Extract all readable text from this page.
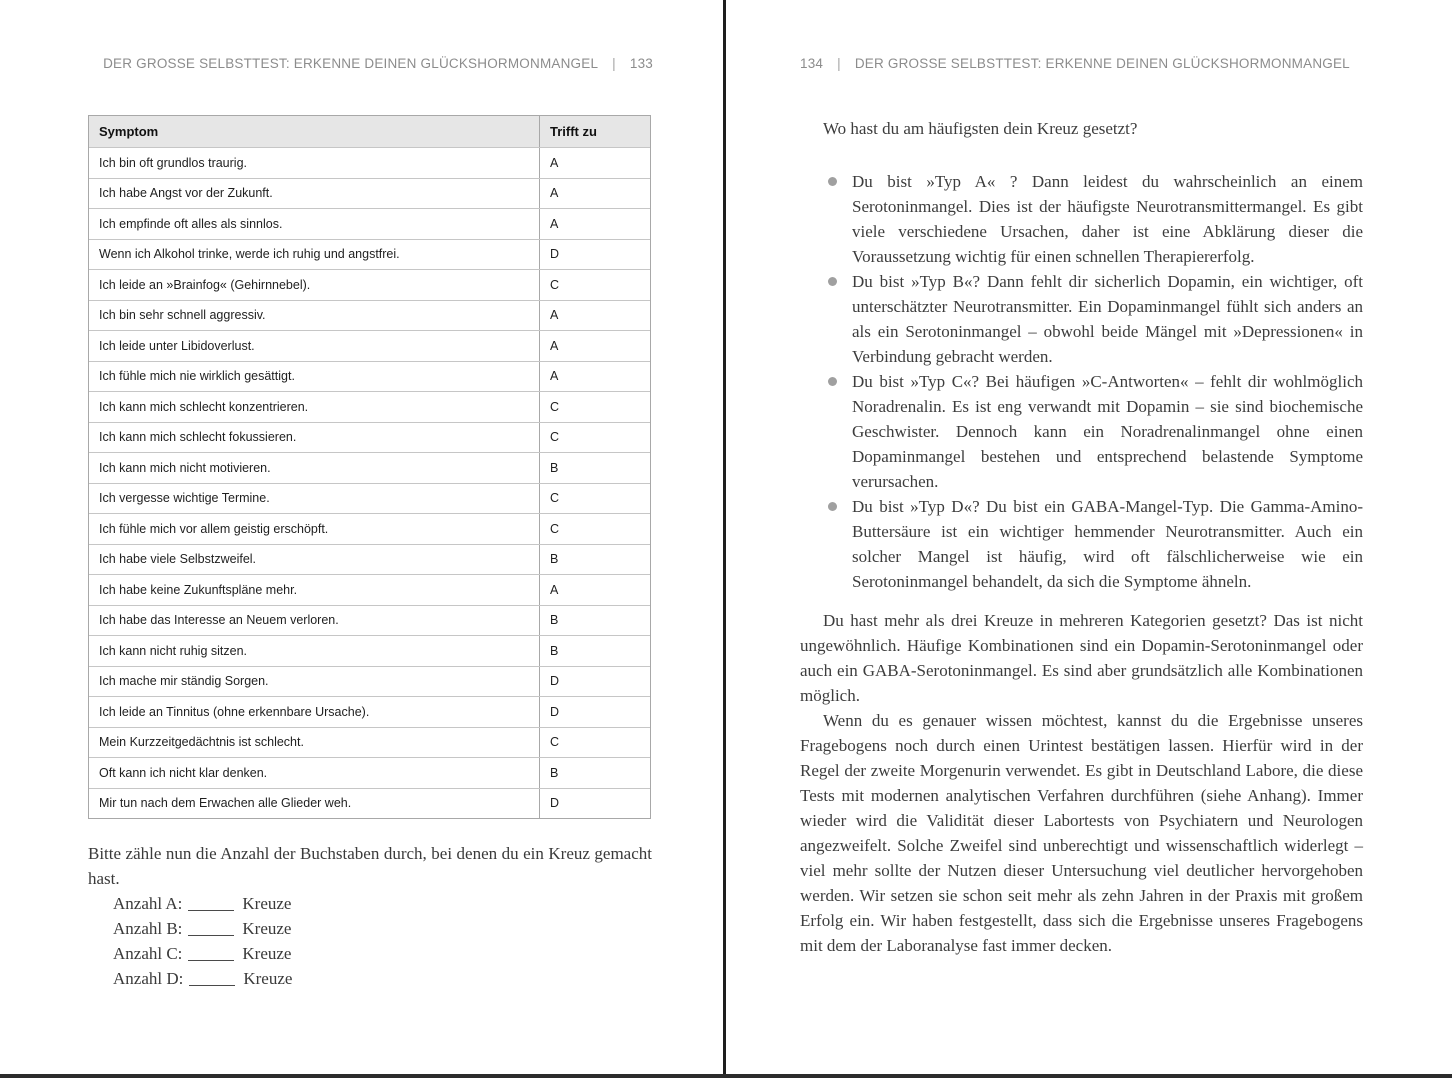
DER GROSSE SELBSTTEST: ERKENNE DEINEN GLÜCKSHORMONMANGEL | 133
Symptom	Trifft zu
Ich bin oft grundlos traurig.	A
Ich habe Angst vor der Zukunft.	A
Ich empfinde oft alles als sinnlos.	A
Wenn ich Alkohol trinke, werde ich ruhig und angstfrei.	D
Ich leide an »Brainfog« (Gehirnnebel).	C
Ich bin sehr schnell aggressiv.	A
Ich leide unter Libidoverlust.	A
Ich fühle mich nie wirklich gesättigt.	A
Ich kann mich schlecht konzentrieren.	C
Ich kann mich schlecht fokussieren.	C
Ich kann mich nicht motivieren.	B
Ich vergesse wichtige Termine.	C
Ich fühle mich vor allem geistig erschöpft.	C
Ich habe viele Selbstzweifel.	B
Ich habe keine Zukunftspläne mehr.	A
Ich habe das Interesse an Neuem verloren.	B
Ich kann nicht ruhig sitzen.	B
Ich mache mir ständig Sorgen.	D
Ich leide an Tinnitus (ohne erkennbare Ursache).	D
Mein Kurzzeitgedächtnis ist schlecht.	C
Oft kann ich nicht klar denken.	B
Mir tun nach dem Erwachen alle Glieder weh.	D
Bitte zähle nun die Anzahl der Buchstaben durch, bei denen du ein Kreuz gemacht hast.
Anzahl A:	Kreuze
Anzahl B:	Kreuze
Anzahl C:	Kreuze
Anzahl D:	Kreuze
134 | DER GROSSE SELBSTTEST: ERKENNE DEINEN GLÜCKSHORMONMANGEL
Wo hast du am häufigsten dein Kreuz gesetzt?
Du bist »Typ A« ? Dann leidest du wahrscheinlich an einem Serotoninmangel. Dies ist der häufigste Neurotransmittermangel. Es gibt viele verschiedene Ursachen, daher ist eine Abklärung dieser die Voraussetzung wichtig für einen schnellen Therapiererfolg.
Du bist »Typ B«? Dann fehlt dir sicherlich Dopamin, ein wichtiger, oft unterschätzter Neurotransmitter. Ein Dopaminmangel fühlt sich anders an als ein Serotoninmangel – obwohl beide Mängel mit »Depressionen« in Verbindung gebracht werden.
Du bist »Typ C«? Bei häufigen »C-Antworten« – fehlt dir wohlmöglich Noradrenalin. Es ist eng verwandt mit Dopamin – sie sind biochemische Geschwister. Dennoch kann ein Noradrenalinmangel ohne einen Dopaminmangel bestehen und entsprechend belastende Symptome verursachen.
Du bist »Typ D«? Du bist ein GABA-Mangel-Typ. Die Gamma-Amino-Buttersäure ist ein wichtiger hemmender Neurotransmitter. Auch ein solcher Mangel ist häufig, wird oft fälschlicherweise wie ein Serotoninmangel behandelt, da sich die Symptome ähneln.

Du hast mehr als drei Kreuze in mehreren Kategorien gesetzt? Das ist nicht ungewöhnlich. Häufige Kombinationen sind ein Dopamin-Serotoninmangel oder auch ein GABA-Serotoninmangel. Es sind aber grundsätzlich alle Kombinationen möglich.

Wenn du es genauer wissen möchtest, kannst du die Ergebnisse unseres Fragebogens noch durch einen Urintest bestätigen lassen. Hierfür wird in der Regel der zweite Morgenurin verwendet. Es gibt in Deutschland Labore, die diese Tests mit modernen analytischen Verfahren durchführen (siehe Anhang). Immer wieder wird die Validität dieser Labortests von Psychiatern und Neurologen angezweifelt. Solche Zweifel sind unberechtigt und wissenschaftlich widerlegt – viel mehr sollte der Nutzen dieser Untersuchung viel deutlicher hervorgehoben werden. Wir setzen sie schon seit mehr als zehn Jahren in der Praxis mit großem Erfolg ein. Wir haben festgestellt, dass sich die Ergebnisse unseres Fragebogens mit dem der Laboranalyse fast immer decken.
